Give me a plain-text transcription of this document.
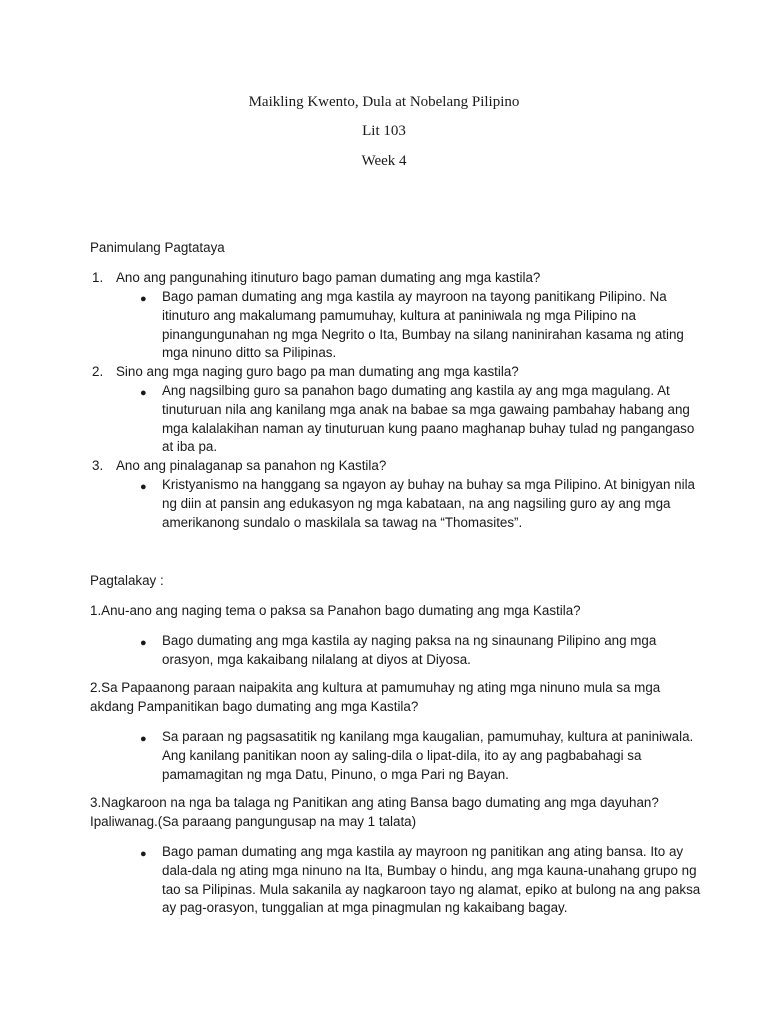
Maikling Kwento, Dula at Nobelang Pilipino
Lit 103
Week 4
Panimulang Pagtataya
1. Ano ang pangunahing itinuturo bago paman dumating ang mga kastila?
● Bago paman dumating ang mga kastila ay mayroon na tayong panitikang Pilipino. Na itinuturo ang makalumang pamumuhay, kultura at paniniwala ng mga Pilipino na pinangungunahan ng mga Negrito o Ita, Bumbay na silang naninirahan kasama ng ating mga ninuno ditto sa Pilipinas.
2. Sino ang mga naging guro bago pa man dumating ang mga kastila?
● Ang nagsilbing guro sa panahon bago dumating ang kastila ay ang mga magulang. At tinuturuan nila ang kanilang mga anak na babae sa mga gawaing pambahay habang ang mga kalalakihan naman ay tinuturuan kung paano maghanap buhay tulad ng pangangaso at iba pa.
3. Ano ang pinalaganap sa panahon ng Kastila?
● Kristyanismo na hanggang sa ngayon ay buhay na buhay sa mga Pilipino. At binigyan nila ng diin at pansin ang edukasyon ng mga kabataan, na ang nagsiling guro ay ang mga amerikanong sundalo o maskilala sa tawag na “Thomasites”.
Pagtalakay :
1.Anu-ano ang naging tema o paksa sa Panahon bago dumating ang mga Kastila?
● Bago dumating ang mga kastila ay naging paksa na ng sinaunang Pilipino ang mga orasyon, mga kakaibang nilalang at diyos at Diyosa.
2.Sa Papaanong paraan naipakita ang kultura at pamumuhay ng ating mga ninuno mula sa mga akdang Pampanitikan bago dumating ang mga Kastila?
● Sa paraan ng pagsasatitik ng kanilang mga kaugalian, pamumuhay, kultura at paniniwala. Ang kanilang panitikan noon ay saling-dila o lipat-dila, ito ay ang pagbabahagi sa pamamagitan ng mga Datu, Pinuno, o mga Pari ng Bayan.
3.Nagkaroon na nga ba talaga ng Panitikan ang ating Bansa bago dumating ang mga dayuhan? Ipaliwanag.(Sa paraang pangungusap na may 1 talata)
● Bago paman dumating ang mga kastila ay mayroon ng panitikan ang ating bansa. Ito ay dala-dala ng ating mga ninuno na Ita, Bumbay o hindu, ang mga kauna-unahang grupo ng tao sa Pilipinas. Mula sakanila ay nagkaroon tayo ng alamat, epiko at bulong na ang paksa ay pag-orasyon, tunggalian at mga pinagmulan ng kakaibang bagay.
